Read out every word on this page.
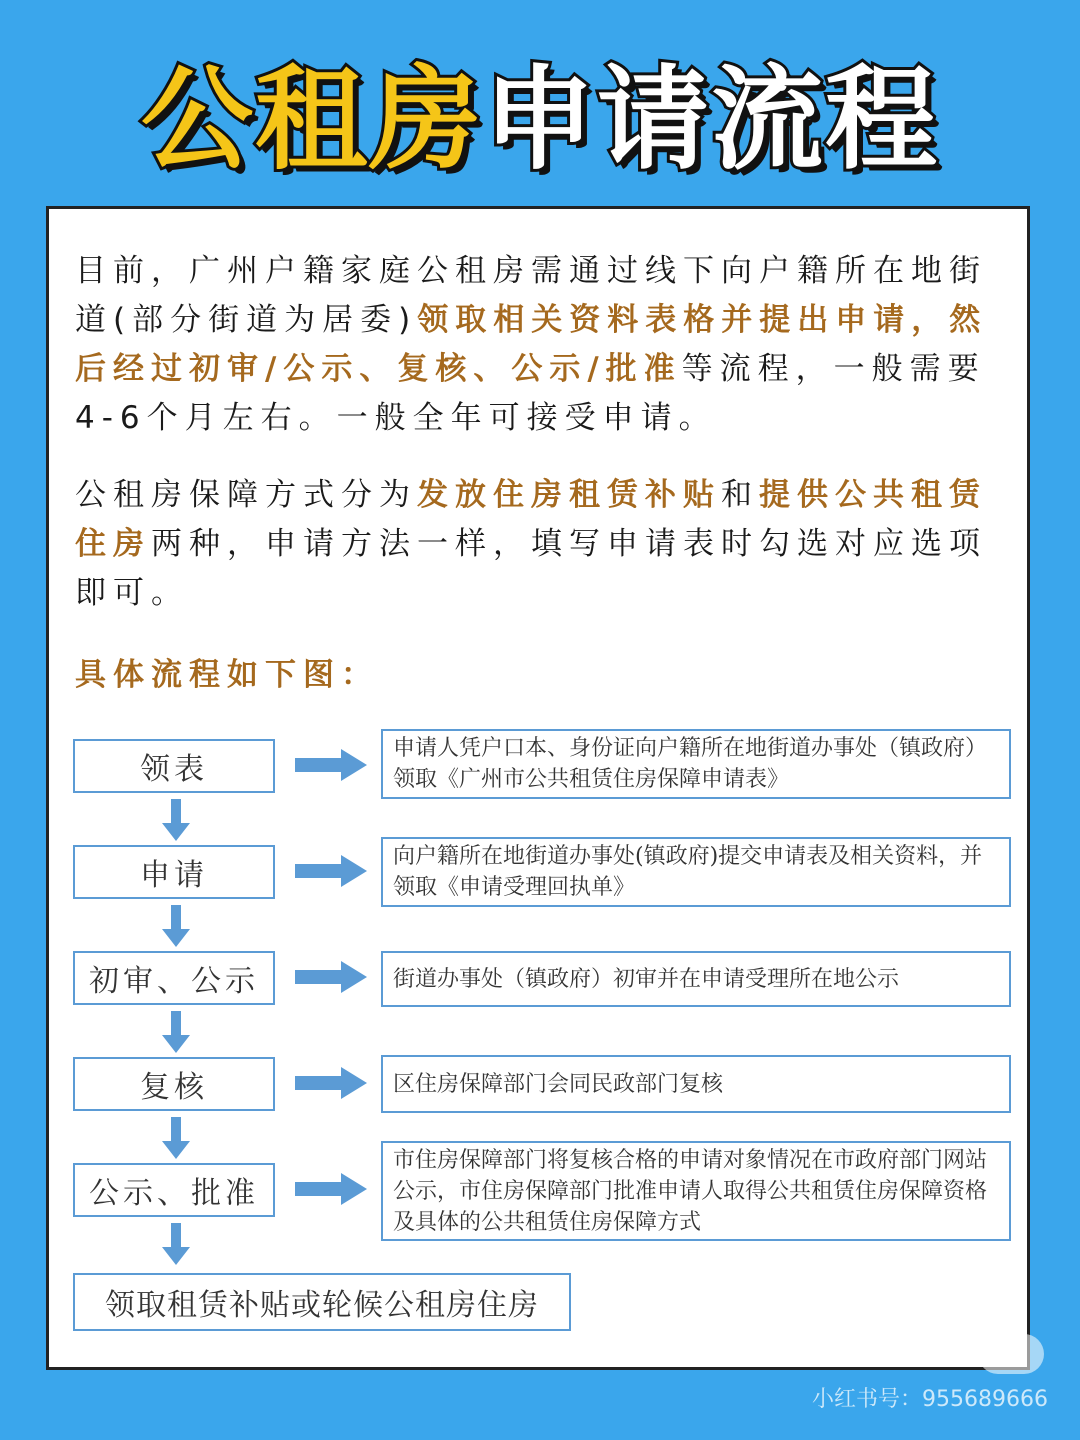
公租房 申请流程
目前，广州户籍家庭公租房需通过线下向户籍所在地街道(部分街道为居委)领取相关资料表格并提出申请，然后经过初审/公示、复核、公示/批准等流程，一般需要4-6个月左右。一般全年可接受申请。
公租房保障方式分为发放住房租赁补贴和提供公共租赁住房两种，申请方法一样，填写申请表时勾选对应选项即可。
具体流程如下图：
领表
申请人凭户口本、身份证向户籍所在地街道办事处（镇政府）领取《广州市公共租赁住房保障申请表》
申请
向户籍所在地街道办事处(镇政府)提交申请表及相关资料，并领取《申请受理回执单》
初审、公示	街道办事处（镇政府）初审并在申请受理所在地公示
复核	区住房保障部门会同民政部门复核
公示、批准
市住房保障部门将复核合格的申请对象情况在市政府部门网站公示，市住房保障部门批准申请人取得公共租赁住房保障资格及具体的公共租赁住房保障方式
领取租赁补贴或轮候公租房住房
小红书号：955689666
